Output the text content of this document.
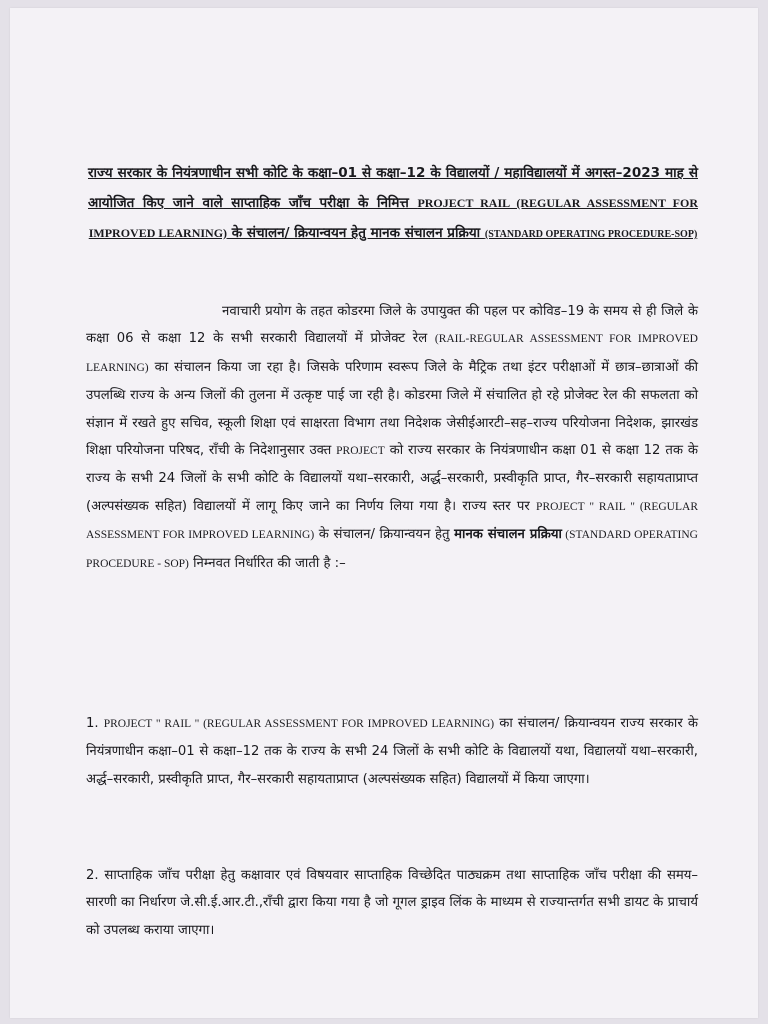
राज्य सरकार के नियंत्रणाधीन सभी कोटि के कक्षा–01 से कक्षा–12 के विद्यालयों / महाविद्यालयों में अगस्त–2023 माह से आयोजित किए जाने वाले साप्ताहिक जाँच परीक्षा के निमित्त PROJECT RAIL (REGULAR ASSESSMENT FOR IMPROVED LEARNING) के संचालन/ क्रियान्वयन हेतु मानक संचालन प्रक्रिया (STANDARD OPERATING PROCEDURE-SOP)
नवाचारी प्रयोग के तहत कोडरमा जिले के उपायुक्त की पहल पर कोविड–19 के समय से ही जिले के कक्षा 06 से कक्षा 12 के सभी सरकारी विद्यालयों में प्रोजेक्ट रेल (RAIL-REGULAR ASSESSMENT FOR IMPROVED LEARNING) का संचालन किया जा रहा है। जिसके परिणाम स्वरूप जिले के मैट्रिक तथा इंटर परीक्षाओं में छात्र–छात्राओं की उपलब्धि राज्य के अन्य जिलों की तुलना में उत्कृष्ट पाई जा रही है। कोडरमा जिले में संचालित हो रहे प्रोजेक्ट रेल की सफलता को संज्ञान में रखते हुए सचिव, स्कूली शिक्षा एवं साक्षरता विभाग तथा निदेशक जेसीईआरटी–सह–राज्य परियोजना निदेशक, झारखंड शिक्षा परियोजना परिषद, राँची के निदेशानुसार उक्त PROJECT को राज्य सरकार के नियंत्रणाधीन कक्षा 01 से कक्षा 12 तक के राज्य के सभी 24 जिलों के सभी कोटि के विद्यालयों यथा–सरकारी, अर्द्ध–सरकारी, प्रस्वीकृति प्राप्त, गैर–सरकारी सहायताप्राप्त (अल्पसंख्यक सहित) विद्यालयों में लागू किए जाने का निर्णय लिया गया है। राज्य स्तर पर PROJECT " RAIL " (REGULAR ASSESSMENT FOR IMPROVED LEARNING) के संचालन/ क्रियान्वयन हेतु मानक संचालन प्रक्रिया (STANDARD OPERATING PROCEDURE - SOP) निम्नवत निर्धारित की जाती है :–
1. PROJECT " RAIL " (REGULAR ASSESSMENT FOR IMPROVED LEARNING) का संचालन/ क्रियान्वयन राज्य सरकार के नियंत्रणाधीन कक्षा–01 से कक्षा–12 तक के राज्य के सभी 24 जिलों के सभी कोटि के विद्यालयों यथा, विद्यालयों यथा–सरकारी, अर्द्ध–सरकारी, प्रस्वीकृति प्राप्त, गैर–सरकारी सहायताप्राप्त (अल्पसंख्यक सहित) विद्यालयों में किया जाएगा।
2. साप्ताहिक जाँच परीक्षा हेतु कक्षावार एवं विषयवार साप्ताहिक विच्छेदित पाठ्यक्रम तथा साप्ताहिक जाँच परीक्षा की समय–सारणी का निर्धारण जे.सी.ई.आर.टी.,राँची द्वारा किया गया है जो गूगल ड्राइव लिंक के माध्यम से राज्यान्तर्गत सभी डायट के प्राचार्य को उपलब्ध कराया जाएगा।
